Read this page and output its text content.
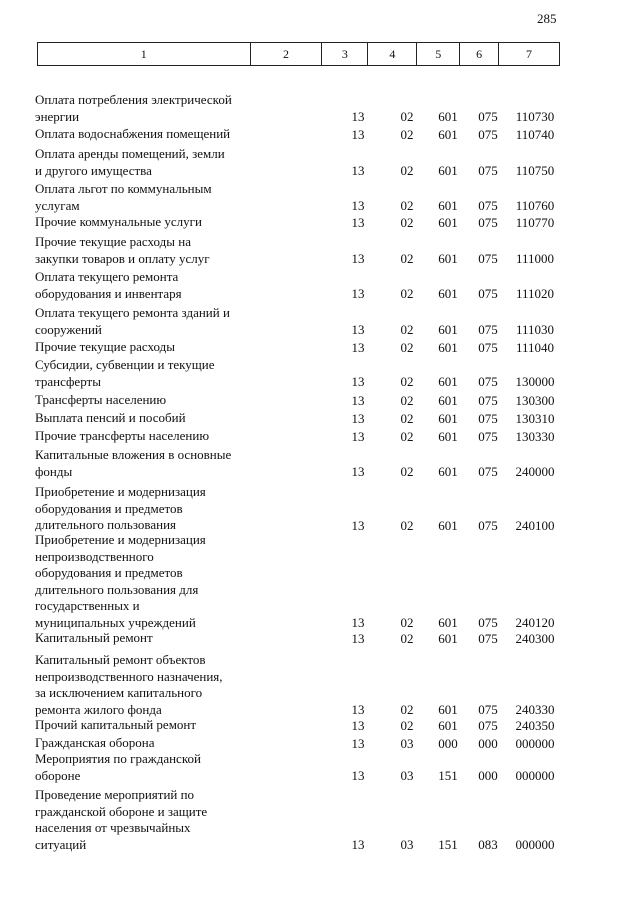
285
1	2	3	4	5	6	7
Оплата потребления электрической
энергии	13	02	601	075	110730
Оплата водоснабжения помещений	13	02	601	075	110740
Оплата аренды помещений, земли
и другого имущества	13	02	601	075	110750
Оплата льгот по коммунальным
услугам	13	02	601	075	110760
Прочие коммунальные услуги	13	02	601	075	110770
Прочие текущие расходы на
закупки товаров и оплату услуг	13	02	601	075	111000
Оплата текущего ремонта
оборудования и инвентаря	13	02	601	075	111020
Оплата текущего ремонта зданий и
сооружений	13	02	601	075	111030
Прочие текущие расходы	13	02	601	075	111040
Субсидии, субвенции и текущие
трансферты	13	02	601	075	130000
Трансферты населению	13	02	601	075	130300
Выплата пенсий и пособий	13	02	601	075	130310
Прочие трансферты населению	13	02	601	075	130330
Капитальные вложения в основные
фонды	13	02	601	075	240000
Приобретение и модернизация
оборудования и предметов
длительного пользования	13	02	601	075	240100
Приобретение и модернизация
непроизводственного
оборудования и предметов
длительного пользования для
государственных и
муниципальных учреждений	13	02	601	075	240120
Капитальный ремонт	13	02	601	075	240300
Капитальный ремонт объектов
непроизводственного назначения,
за исключением капитального
ремонта жилого фонда	13	02	601	075	240330
Прочий капитальный ремонт	13	02	601	075	240350
Гражданская оборона	13	03	000	000	000000
Мероприятия по гражданской
обороне	13	03	151	000	000000
Проведение мероприятий по
гражданской обороне и защите
населения от чрезвычайных
ситуаций	13	03	151	083	000000
